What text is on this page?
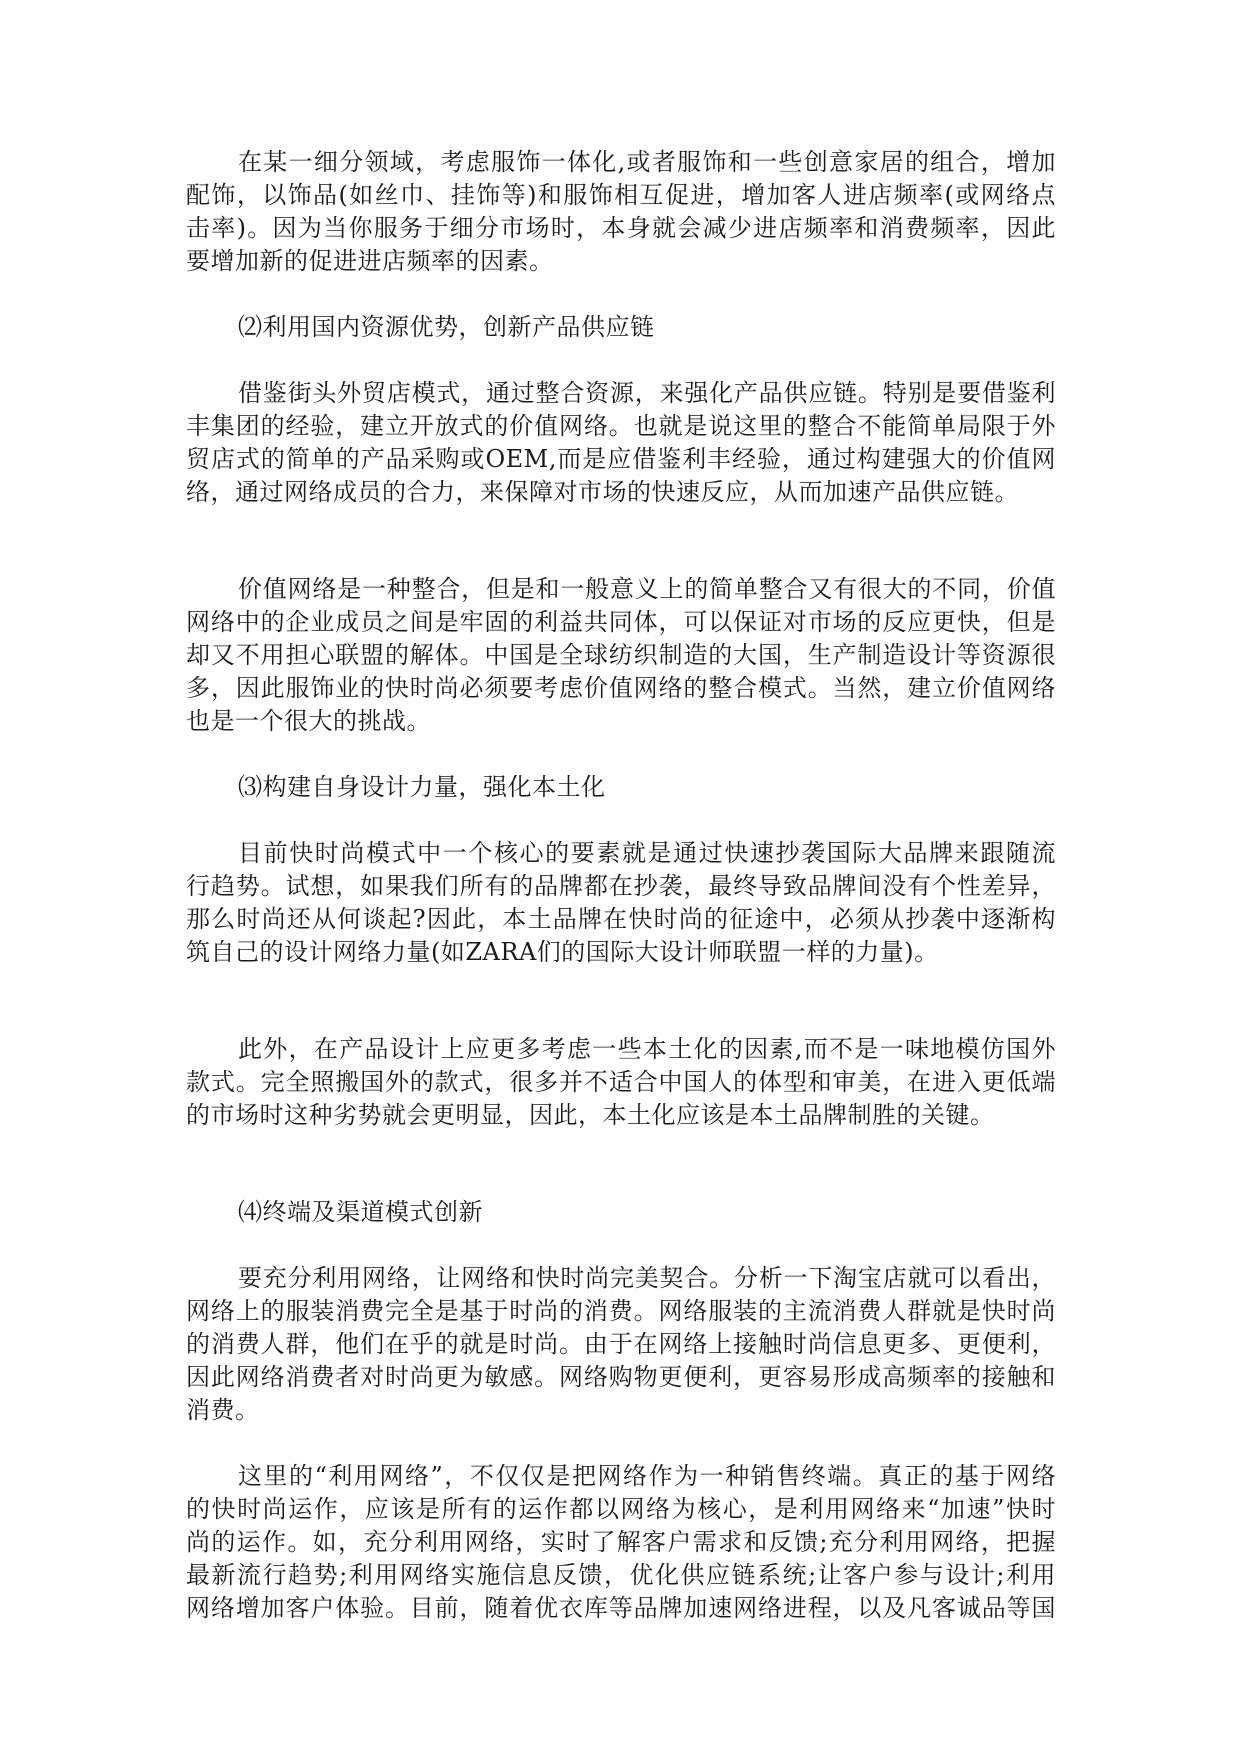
在某一细分领域，考虑服饰一体化,或者服饰和一些创意家居的组合，增加
配饰，以饰品(如丝巾、挂饰等)和服饰相互促进，增加客人进店频率(或网络点
击率)。因为当你服务于细分市场时，本身就会减少进店频率和消费频率，因此
要增加新的促进进店频率的因素。
⑵利用国内资源优势，创新产品供应链
借鉴街头外贸店模式，通过整合资源，来强化产品供应链。特别是要借鉴利
丰集团的经验，建立开放式的价值网络。也就是说这里的整合不能简单局限于外
贸店式的简单的产品采购或OEM,而是应借鉴利丰经验，通过构建强大的价值网
络，通过网络成员的合力，来保障对市场的快速反应，从而加速产品供应链。
价值网络是一种整合，但是和一般意义上的简单整合又有很大的不同，价值
网络中的企业成员之间是牢固的利益共同体，可以保证对市场的反应更快，但是
却又不用担心联盟的解体。中国是全球纺织制造的大国，生产制造设计等资源很
多，因此服饰业的快时尚必须要考虑价值网络的整合模式。当然，建立价值网络
也是一个很大的挑战。
⑶构建自身设计力量，强化本土化
目前快时尚模式中一个核心的要素就是通过快速抄袭国际大品牌来跟随流
行趋势。试想，如果我们所有的品牌都在抄袭，最终导致品牌间没有个性差异，
那么时尚还从何谈起?因此，本土品牌在快时尚的征途中，必须从抄袭中逐渐构
筑自己的设计网络力量(如ZARA们的国际大设计师联盟一样的力量)。
此外，在产品设计上应更多考虑一些本土化的因素,而不是一味地模仿国外
款式。完全照搬国外的款式，很多并不适合中国人的体型和审美，在进入更低端
的市场时这种劣势就会更明显，因此，本土化应该是本土品牌制胜的关键。
⑷终端及渠道模式创新
要充分利用网络，让网络和快时尚完美契合。分析一下淘宝店就可以看出，
网络上的服装消费完全是基于时尚的消费。网络服装的主流消费人群就是快时尚
的消费人群，他们在乎的就是时尚。由于在网络上接触时尚信息更多、更便利，
因此网络消费者对时尚更为敏感。网络购物更便利，更容易形成高频率的接触和
消费。
这里的“利用网络”，不仅仅是把网络作为一种销售终端。真正的基于网络
的快时尚运作，应该是所有的运作都以网络为核心，是利用网络来“加速”快时
尚的运作。如，充分利用网络，实时了解客户需求和反馈;充分利用网络，把握
最新流行趋势;利用网络实施信息反馈，优化供应链系统;让客户参与设计;利用
网络增加客户体验。目前，随着优衣库等品牌加速网络进程，以及凡客诚品等国
